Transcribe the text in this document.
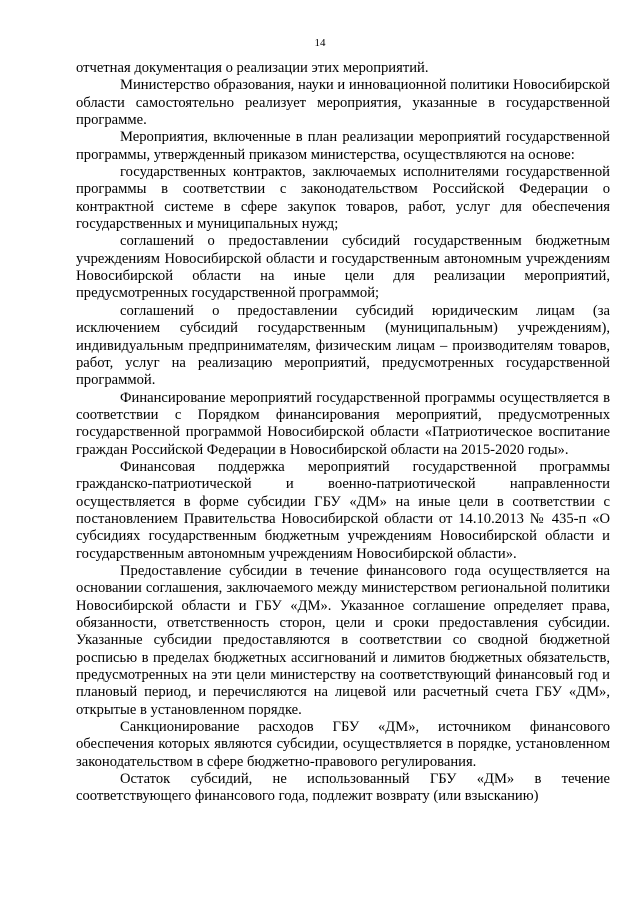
14

отчетная документация о реализации этих мероприятий.

Министерство образования, науки и инновационной политики Новосибирской области самостоятельно реализует мероприятия, указанные в государственной программе.

Мероприятия, включенные в план реализации мероприятий государственной программы, утвержденный приказом министерства, осуществляются на основе:

государственных контрактов, заключаемых исполнителями государственной программы в соответствии с законодательством Российской Федерации о контрактной системе в сфере закупок товаров, работ, услуг для обеспечения государственных и муниципальных нужд;

соглашений о предоставлении субсидий государственным бюджетным учреждениям Новосибирской области и государственным автономным учреждениям Новосибирской области на иные цели для реализации мероприятий, предусмотренных государственной программой;

соглашений о предоставлении субсидий юридическим лицам (за исключением субсидий государственным (муниципальным) учреждениям), индивидуальным предпринимателям, физическим лицам – производителям товаров, работ, услуг на реализацию мероприятий, предусмотренных государственной программой.

Финансирование мероприятий государственной программы осуществляется в соответствии с Порядком финансирования мероприятий, предусмотренных государственной программой Новосибирской области «Патриотическое воспитание граждан Российской Федерации в Новосибирской области на 2015-2020 годы».

Финансовая поддержка мероприятий государственной программы гражданско-патриотической и военно-патриотической направленности осуществляется в форме субсидии ГБУ «ДМ» на иные цели в соответствии с постановлением Правительства Новосибирской области от 14.10.2013 № 435-п «О субсидиях государственным бюджетным учреждениям Новосибирской области и государственным автономным учреждениям Новосибирской области».

Предоставление субсидии в течение финансового года осуществляется на основании соглашения, заключаемого между министерством региональной политики Новосибирской области и ГБУ «ДМ». Указанное соглашение определяет права, обязанности, ответственность сторон, цели и сроки предоставления субсидии. Указанные субсидии предоставляются в соответствии со сводной бюджетной росписью в пределах бюджетных ассигнований и лимитов бюджетных обязательств, предусмотренных на эти цели министерству на соответствующий финансовый год и плановый период, и перечисляются на лицевой или расчетный счета ГБУ «ДМ», открытые в установленном порядке.

Санкционирование расходов ГБУ «ДМ», источником финансового обеспечения которых являются субсидии, осуществляется в порядке, установленном законодательством в сфере бюджетно-правового регулирования.

Остаток субсидий, не использованный ГБУ «ДМ» в течение соответствующего финансового года, подлежит возврату (или взысканию)
